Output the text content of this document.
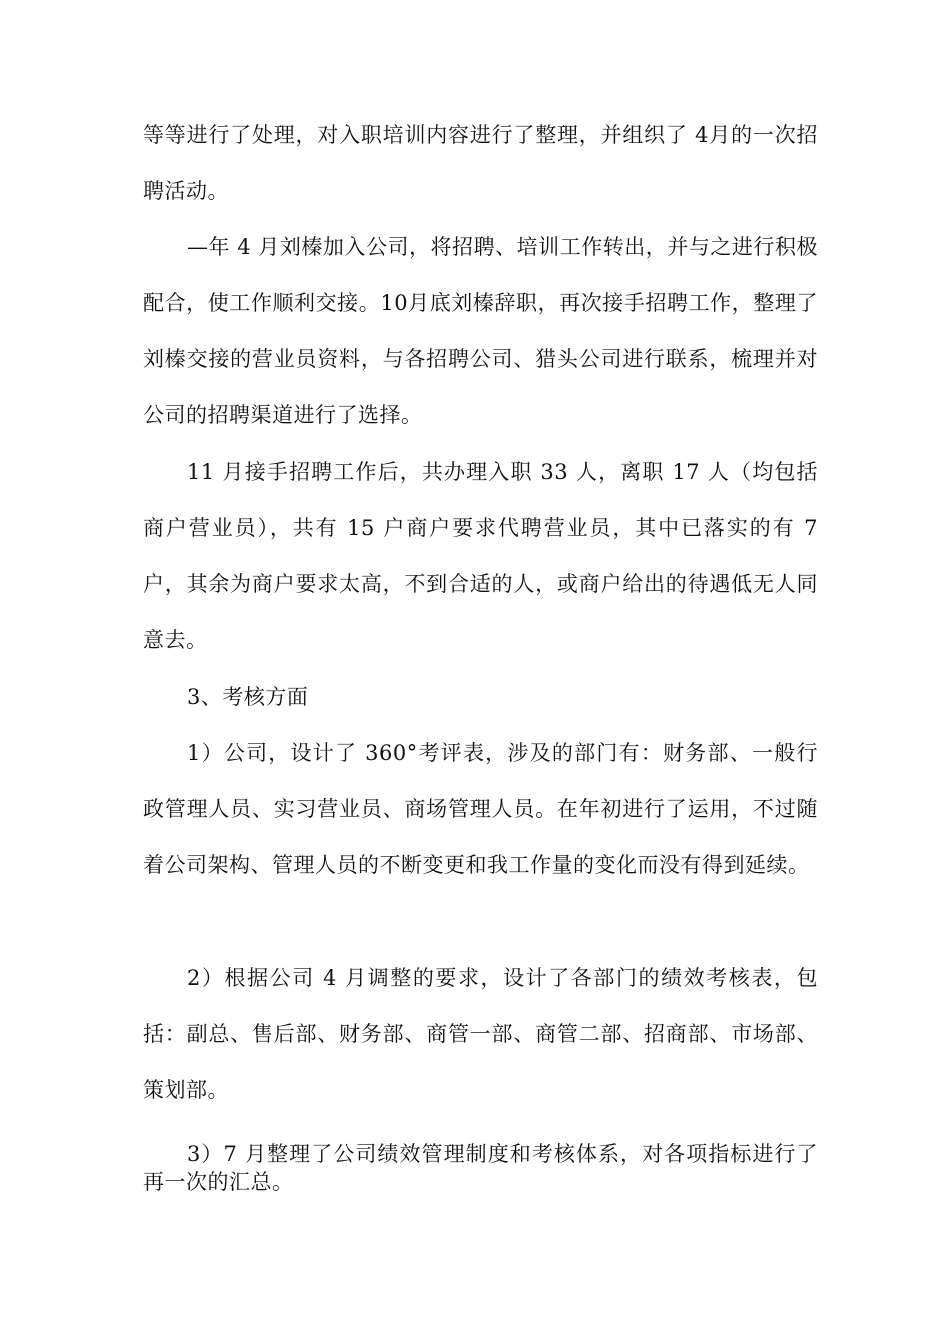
等等进行了处理，对入职培训内容进行了整理，并组织了 4月的一次招聘活动。

—年 4 月刘榛加入公司，将招聘、培训工作转出，并与之进行积极配合，使工作顺利交接。10月底刘榛辞职，再次接手招聘工作，整理了刘榛交接的营业员资料，与各招聘公司、猎头公司进行联系，梳理并对公司的招聘渠道进行了选择。

11 月接手招聘工作后，共办理入职 33 人，离职 17 人（均包括商户营业员），共有 15 户商户要求代聘营业员，其中已落实的有 7户，其余为商户要求太高，不到合适的人，或商户给出的待遇低无人同意去。

3、考核方面

1）公司，设计了 360°考评表，涉及的部门有：财务部、一般行政管理人员、实习营业员、商场管理人员。在年初进行了运用，不过随着公司架构、管理人员的不断变更和我工作量的变化而没有得到延续。

2）根据公司 4 月调整的要求，设计了各部门的绩效考核表，包括：副总、售后部、财务部、商管一部、商管二部、招商部、市场部、策划部。

3）7 月整理了公司绩效管理制度和考核体系，对各项指标进行了再一次的汇总。
